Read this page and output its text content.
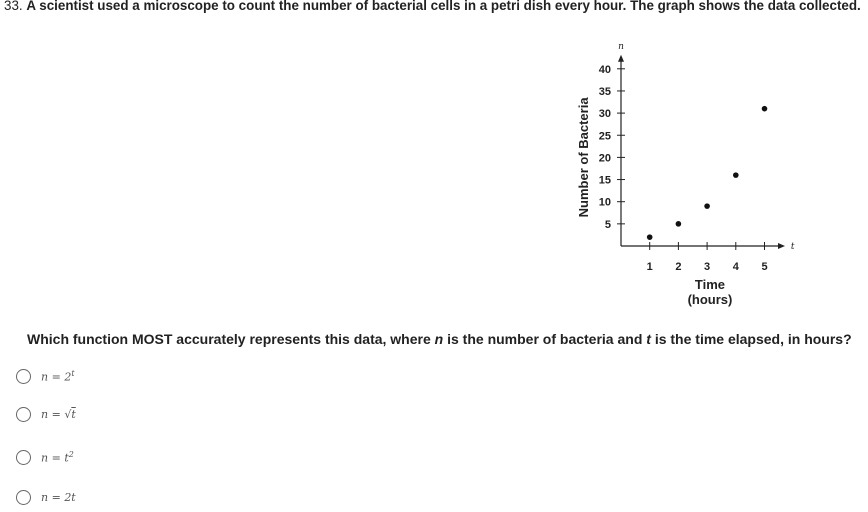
33. A scientist used a microscope to count the number of bacterial cells in a petri dish every hour. The graph shows the data collected.
t
n
1 2 3 4 5
5
10
15
20
25
30
35
40
Time
(hours)
Number of Bacteria
Which function MOST accurately represents this data, where n is the number of bacteria and t is the time elapsed, in hours?
$n = 2^t$
n = √t
$n = t^2$
n = 2t
